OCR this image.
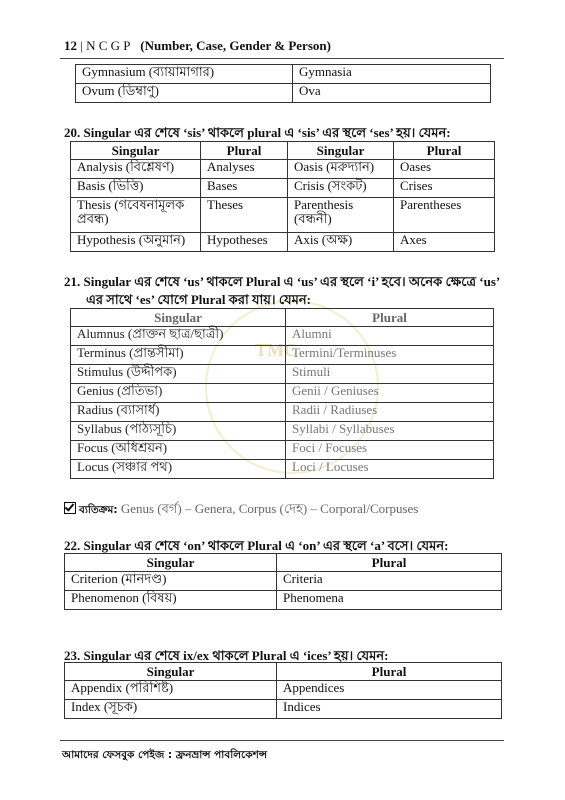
12 | N C G P (Number, Case, Gender & Person)
TMC
Gymnasium (ব্যায়ামাগার)	Gymnasia
Ovum (ডিম্বাণু)	Ova
20. Singular এর শেষে ‘sis’ থাকলে plural এ ‘sis’ এর স্থলে ‘ses’ হয়। যেমন:
Singular	Plural	Singular	Plural
Analysis (বিশ্লেষণ)	Analyses	Oasis (মরুদ্যান)	Oases
Basis (ভিত্তি)	Bases	Crisis (সংকট)	Crises
Thesis (গবেষনামূলক প্রবন্ধ)	Theses	Parenthesis (বন্ধনী)	Parentheses
Hypothesis (অনুমান)	Hypotheses	Axis (অক্ষ)	Axes
21. Singular এর শেষে ‘us’ থাকলে Plural এ ‘us’ এর স্থলে ‘i’ হবে। অনেক ক্ষেত্রে ‘us’
এর সাথে ‘es’ যোগে Plural করা যায়। যেমন:
Singular	Plural
Alumnus (প্রাক্তন ছাত্র/ছাত্রী)	Alumni
Terminus (প্রান্তসীমা)	Termini/Terminuses
Stimulus (উদ্দীপক)	Stimuli
Genius (প্রতিভা)	Genii / Geniuses
Radius (ব্যাসার্ধ)	Radii / Radiuses
Syllabus (পাঠ্যসূচি)	Syllabi / Syllabuses
Focus (অধিশ্রয়ন)	Foci / Focuses
Locus (সঞ্চার পথ)	Loci / Locuses
ব্যতিক্রম: Genus (বর্গ) – Genera, Corpus (দেহ) – Corporal/Corpuses
22. Singular এর শেষে ‘on’ থাকলে Plural এ ‘on’ এর স্থলে ‘a’ বসে। যেমন:
Singular	Plural
Criterion (মানদণ্ড)	Criteria
Phenomenon (বিষয়)	Phenomena
23. Singular এর শেষে ix/ex থাকলে Plural এ ‘ices’ হয়। যেমন:
Singular	Plural
Appendix (পরিশিষ্ট)	Appendices
Index (সূচক)	Indices
আমাদের ফেসবুক পেইজ : ফ্রনভ্রান্স পাবলিকেশন্স
